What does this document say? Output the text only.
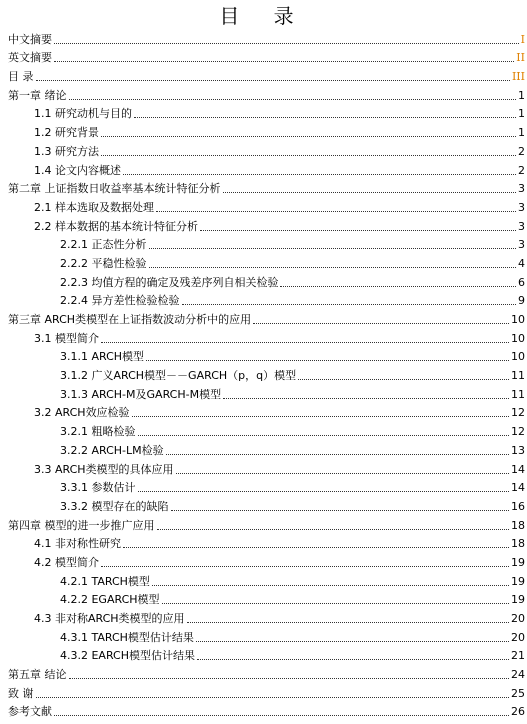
目 录
中文摘要	I
英文摘要	II
目 录	III
第一章 绪论	1
1.1 研究动机与目的	1
1.2 研究背景	1
1.3 研究方法	2
1.4 论文内容概述	2
第二章 上证指数日收益率基本统计特征分析	3
2.1 样本选取及数据处理	3
2.2 样本数据的基本统计特征分析	3
2.2.1 正态性分析	3
2.2.2 平稳性检验	4
2.2.3 均值方程的确定及残差序列自相关检验	6
2.2.4 异方差性检验检验	9
第三章 ARCH类模型在上证指数波动分析中的应用	10
3.1 模型简介	10
3.1.1 ARCH模型	10
3.1.2 广义ARCH模型－－GARCH（p，q）模型	11
3.1.3 ARCH-M及GARCH-M模型	11
3.2 ARCH效应检验	12
3.2.1 粗略检验	12
3.2.2 ARCH-LM检验	13
3.3 ARCH类模型的具体应用	14
3.3.1 参数估计	14
3.3.2 模型存在的缺陷	16
第四章 模型的进一步推广应用	18
4.1 非对称性研究	18
4.2 模型简介	19
4.2.1 TARCH模型	19
4.2.2 EGARCH模型	19
4.3 非对称ARCH类模型的应用	20
4.3.1 TARCH模型估计结果	20
4.3.2 EARCH模型估计结果	21
第五章 结论	24
致 谢	25
参考文献	26
